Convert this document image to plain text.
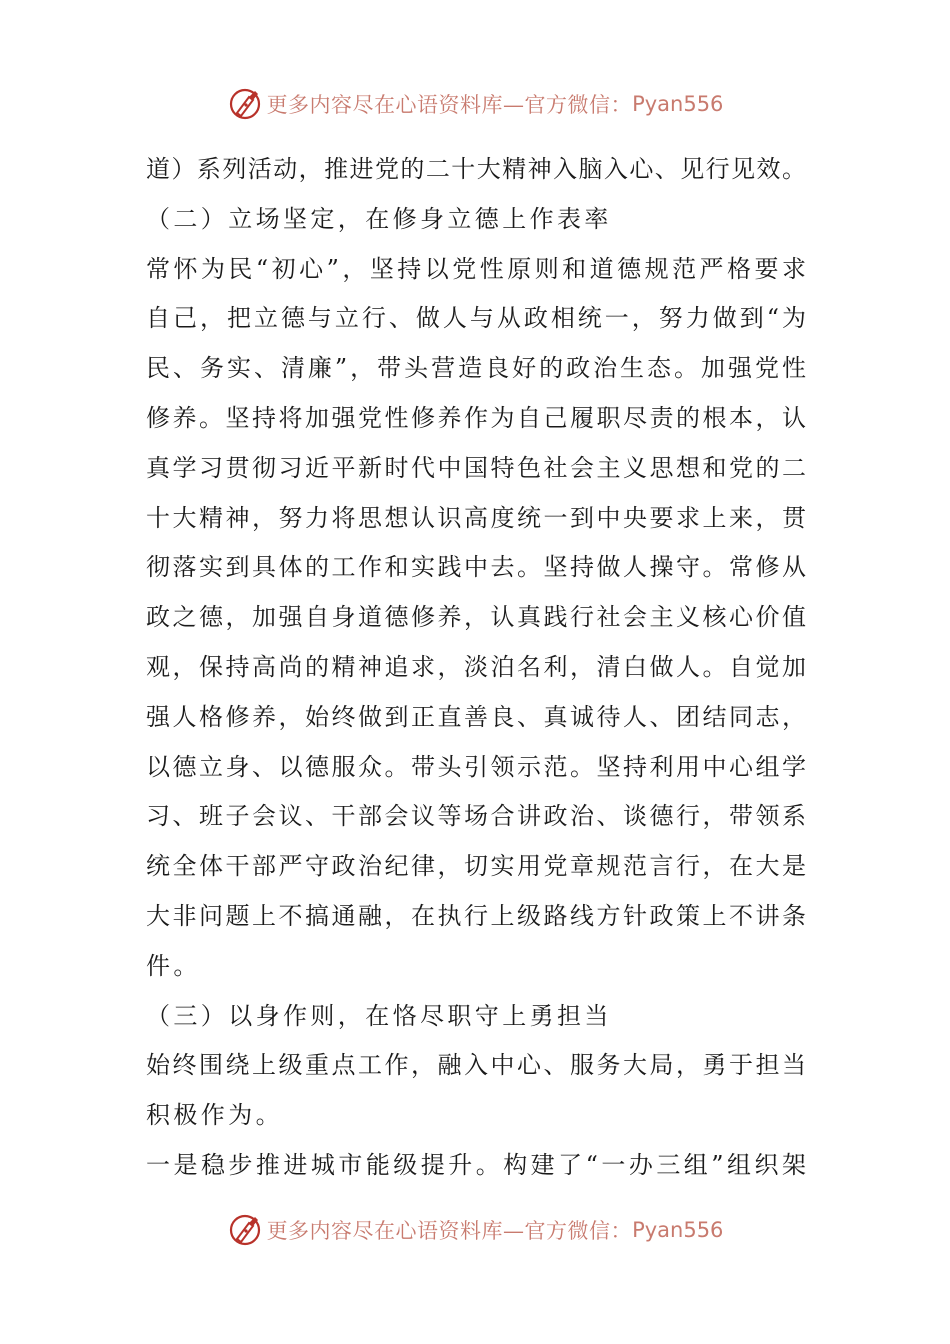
更多内容尽在心语资料库—官方微信： Pyan556
道）系列活动，推进党的二十大精神入脑入心、见行见效。
（二）立场坚定，在修身立德上作表率
常怀为民“初心”，坚持以党性原则和道德规范严格要求
自己，把立德与立行、做人与从政相统一，努力做到“为
民、务实、清廉”，带头营造良好的政治生态。加强党性
修养。坚持将加强党性修养作为自己履职尽责的根本，认
真学习贯彻习近平新时代中国特色社会主义思想和党的二
十大精神，努力将思想认识高度统一到中央要求上来，贯
彻落实到具体的工作和实践中去。坚持做人操守。常修从
政之德，加强自身道德修养，认真践行社会主义核心价值
观，保持高尚的精神追求，淡泊名利，清白做人。自觉加
强人格修养，始终做到正直善良、真诚待人、团结同志，
以德立身、以德服众。带头引领示范。坚持利用中心组学
习、班子会议、干部会议等场合讲政治、谈德行，带领系
统全体干部严守政治纪律，切实用党章规范言行，在大是
大非问题上不搞通融，在执行上级路线方针政策上不讲条
件。
（三）以身作则，在恪尽职守上勇担当
始终围绕上级重点工作，融入中心、服务大局，勇于担当
积极作为。
一是稳步推进城市能级提升。构建了“一办三组”组织架
更多内容尽在心语资料库—官方微信： Pyan556
